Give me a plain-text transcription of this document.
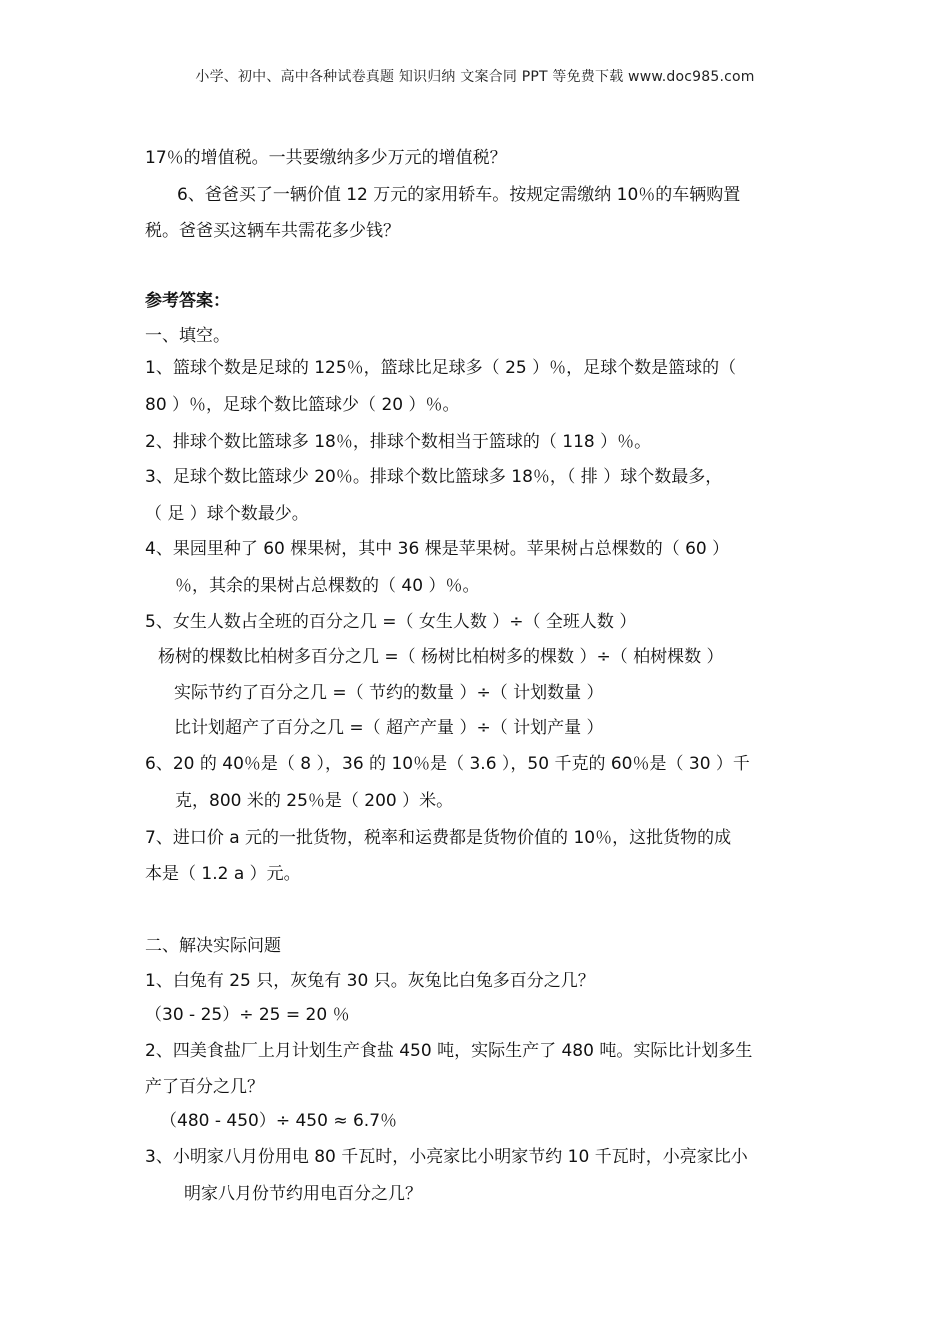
小学、初中、高中各种试卷真题 知识归纳 文案合同 PPT 等免费下载 www.doc985.com
17％的增值税。一共要缴纳多少万元的增值税？
6、爸爸买了一辆价值 12 万元的家用轿车。按规定需缴纳 10％的车辆购置
税。爸爸买这辆车共需花多少钱？
参考答案：
一、填空。
1、篮球个数是足球的 125％，篮球比足球多（ 25 ）％，足球个数是篮球的（
80 ）％，足球个数比篮球少（ 20 ）％。
2、排球个数比篮球多 18％，排球个数相当于篮球的（ 118 ）％。
3、足球个数比篮球少 20％。排球个数比篮球多 18％，（ 排 ）球个数最多，
（ 足 ）球个数最少。
4、果园里种了 60 棵果树，其中 36 棵是苹果树。苹果树占总棵数的（ 60 ）
％，其余的果树占总棵数的（ 40 ）％。
5、女生人数占全班的百分之几 =（ 女生人数 ）÷（ 全班人数 ）
杨树的棵数比柏树多百分之几 =（ 杨树比柏树多的棵数 ）÷（ 柏树棵数 ）
实际节约了百分之几 =（ 节约的数量 ）÷（ 计划数量 ）
比计划超产了百分之几 =（ 超产产量 ）÷（ 计划产量 ）
6、20 的 40％是（ 8 ），36 的 10％是（ 3.6 ），50 千克的 60％是（ 30 ）千
克，800 米的 25％是（ 200 ）米。
7、进口价 a 元的一批货物，税率和运费都是货物价值的 10％，这批货物的成
本是（ 1.2 a ）元。
二、解决实际问题
1、白兔有 25 只，灰兔有 30 只。灰兔比白兔多百分之几？
（30 - 25）÷ 25 = 20 ％
2、四美食盐厂上月计划生产食盐 450 吨，实际生产了 480 吨。实际比计划多生
产了百分之几？
（480 - 450）÷ 450 ≈ 6.7％
3、小明家八月份用电 80 千瓦时，小亮家比小明家节约 10 千瓦时，小亮家比小
明家八月份节约用电百分之几？
